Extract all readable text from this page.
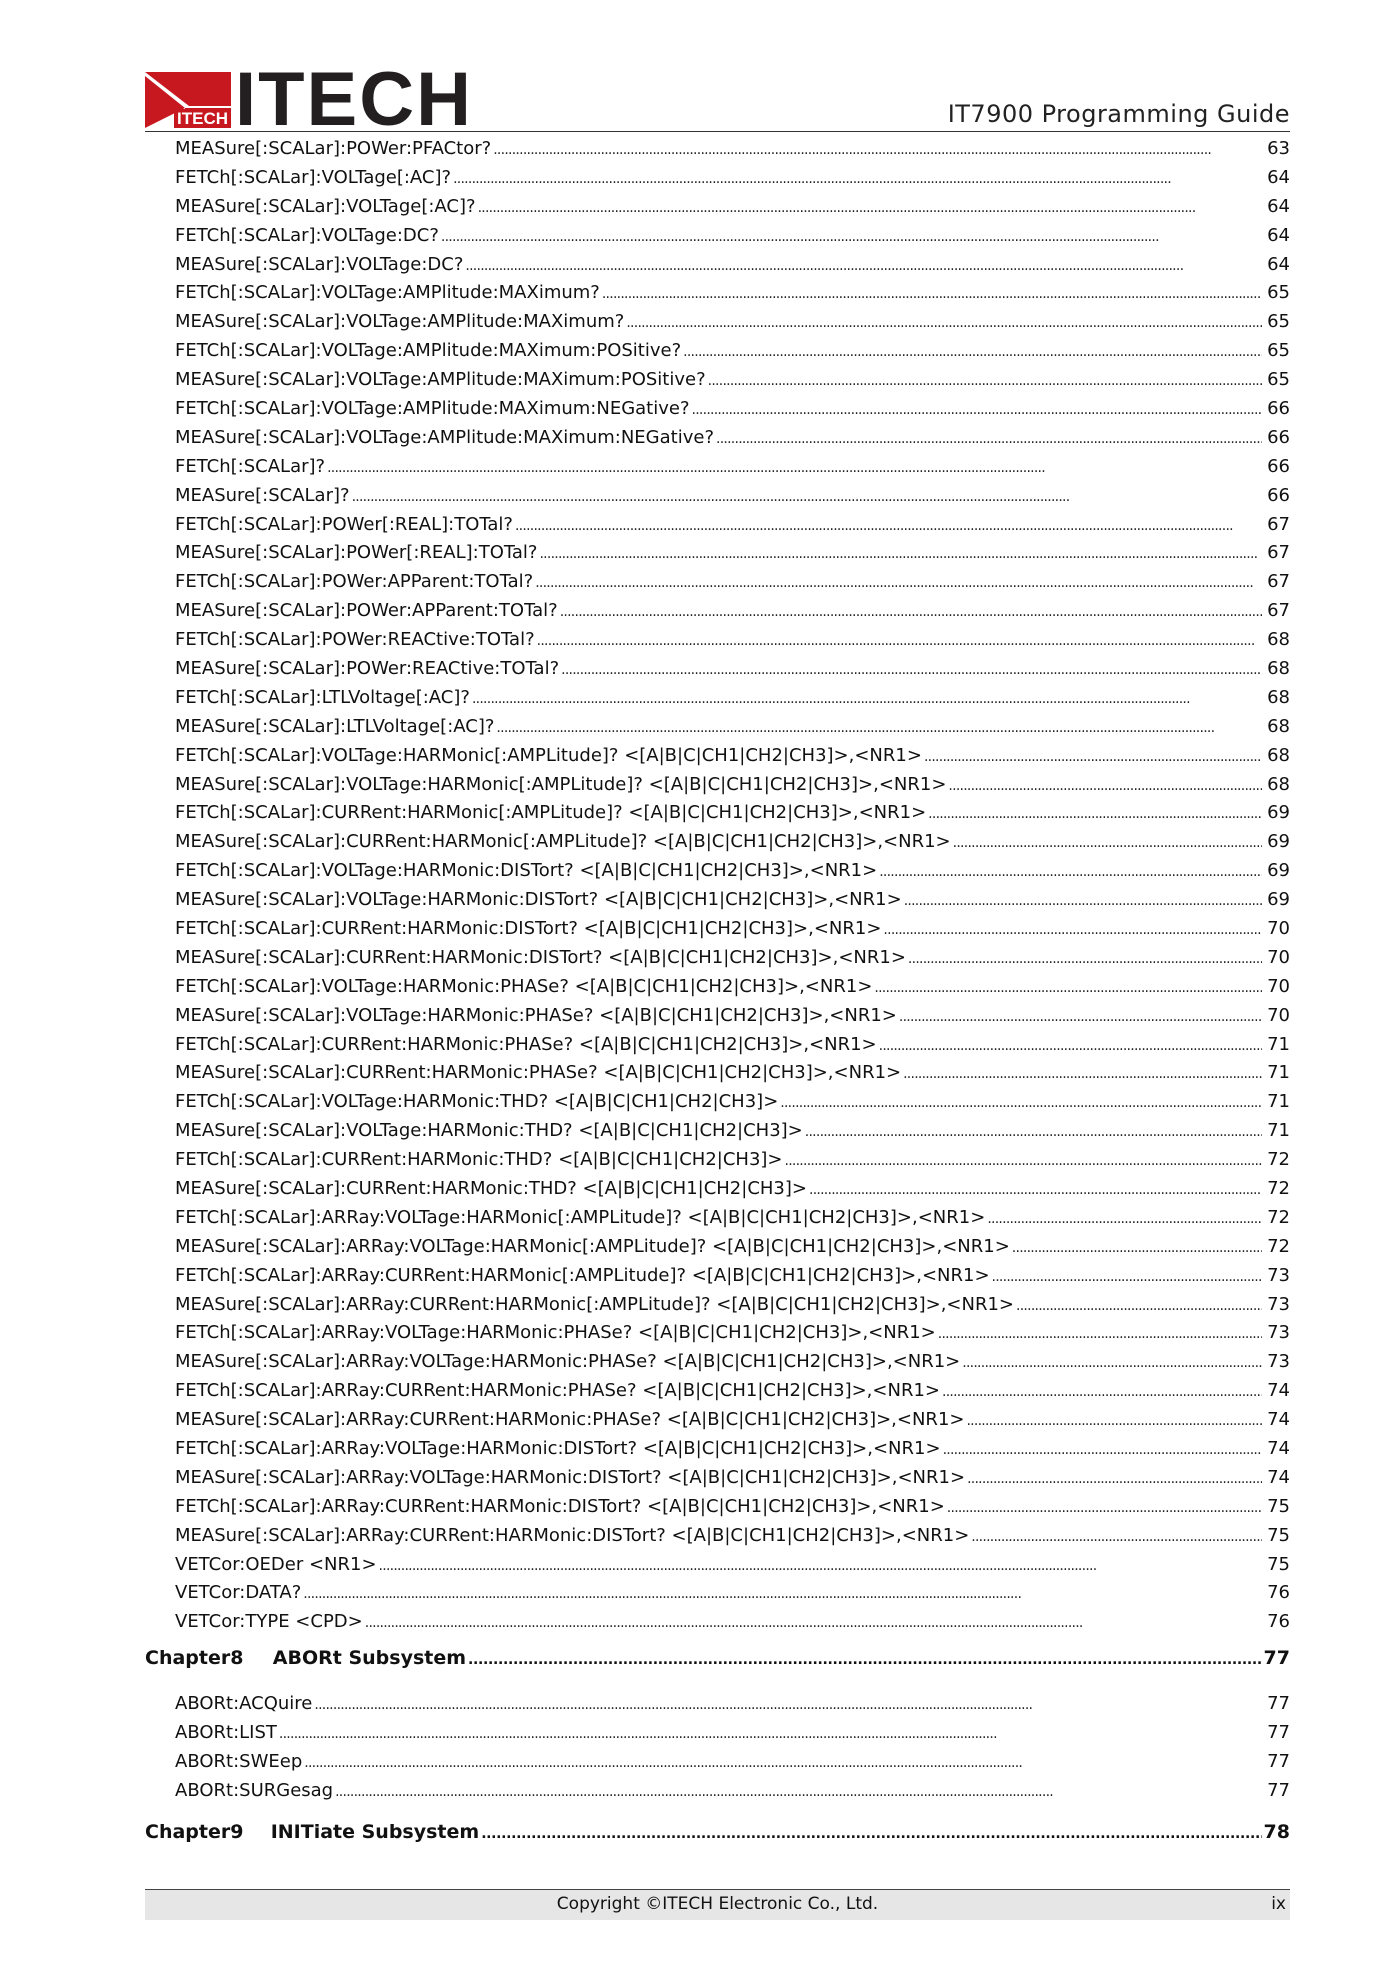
ITECH ITECH	IT7900 Programming Guide
MEASure[:SCALar]:POWer:PFACtor? . . .	63
FETCh[:SCALar]:VOLTage[:AC]? . . .	64
MEASure[:SCALar]:VOLTage[:AC]? . . .	64
FETCh[:SCALar]:VOLTage:DC? . . .	64
MEASure[:SCALar]:VOLTage:DC? . . .	64
FETCh[:SCALar]:VOLTage:AMPlitude:MAXimum? . . .	65
MEASure[:SCALar]:VOLTage:AMPlitude:MAXimum? . . .	65
FETCh[:SCALar]:VOLTage:AMPlitude:MAXimum:POSitive? . . .	65
MEASure[:SCALar]:VOLTage:AMPlitude:MAXimum:POSitive? . . .	65
FETCh[:SCALar]:VOLTage:AMPlitude:MAXimum:NEGative? . . .	66
MEASure[:SCALar]:VOLTage:AMPlitude:MAXimum:NEGative? . . .	66
FETCh[:SCALar]? . . .	66
MEASure[:SCALar]? . . .	66
FETCh[:SCALar]:POWer[:REAL]:TOTal? . . .	67
MEASure[:SCALar]:POWer[:REAL]:TOTal? . . .	67
FETCh[:SCALar]:POWer:APParent:TOTal? . . .	67
MEASure[:SCALar]:POWer:APParent:TOTal? . . .	67
FETCh[:SCALar]:POWer:REACtive:TOTal? . . .	68
MEASure[:SCALar]:POWer:REACtive:TOTal? . . .	68
FETCh[:SCALar]:LTLVoltage[:AC]? . . .	68
MEASure[:SCALar]:LTLVoltage[:AC]? . . .	68
FETCh[:SCALar]:VOLTage:HARMonic[:AMPLitude]? <[A|B|C|CH1|CH2|CH3]>,<NR1> . . .	68
MEASure[:SCALar]:VOLTage:HARMonic[:AMPLitude]? <[A|B|C|CH1|CH2|CH3]>,<NR1> . . .	68
FETCh[:SCALar]:CURRent:HARMonic[:AMPLitude]? <[A|B|C|CH1|CH2|CH3]>,<NR1> . . .	69
MEASure[:SCALar]:CURRent:HARMonic[:AMPLitude]? <[A|B|C|CH1|CH2|CH3]>,<NR1> . . .	69
FETCh[:SCALar]:VOLTage:HARMonic:DISTort? <[A|B|C|CH1|CH2|CH3]>,<NR1> . . .	69
MEASure[:SCALar]:VOLTage:HARMonic:DISTort? <[A|B|C|CH1|CH2|CH3]>,<NR1> . . .	69
FETCh[:SCALar]:CURRent:HARMonic:DISTort? <[A|B|C|CH1|CH2|CH3]>,<NR1> . . .	70
MEASure[:SCALar]:CURRent:HARMonic:DISTort? <[A|B|C|CH1|CH2|CH3]>,<NR1> . . .	70
FETCh[:SCALar]:VOLTage:HARMonic:PHASe? <[A|B|C|CH1|CH2|CH3]>,<NR1> . . .	70
MEASure[:SCALar]:VOLTage:HARMonic:PHASe? <[A|B|C|CH1|CH2|CH3]>,<NR1> . . .	70
FETCh[:SCALar]:CURRent:HARMonic:PHASe? <[A|B|C|CH1|CH2|CH3]>,<NR1> . . .	71
MEASure[:SCALar]:CURRent:HARMonic:PHASe? <[A|B|C|CH1|CH2|CH3]>,<NR1> . . .	71
FETCh[:SCALar]:VOLTage:HARMonic:THD? <[A|B|C|CH1|CH2|CH3]> . . .	71
MEASure[:SCALar]:VOLTage:HARMonic:THD? <[A|B|C|CH1|CH2|CH3]> . . .	71
FETCh[:SCALar]:CURRent:HARMonic:THD? <[A|B|C|CH1|CH2|CH3]> . . .	72
MEASure[:SCALar]:CURRent:HARMonic:THD? <[A|B|C|CH1|CH2|CH3]> . . .	72
FETCh[:SCALar]:ARRay:VOLTage:HARMonic[:AMPLitude]? <[A|B|C|CH1|CH2|CH3]>,<NR1> . . .	72
MEASure[:SCALar]:ARRay:VOLTage:HARMonic[:AMPLitude]? <[A|B|C|CH1|CH2|CH3]>,<NR1> . . .	72
FETCh[:SCALar]:ARRay:CURRent:HARMonic[:AMPLitude]? <[A|B|C|CH1|CH2|CH3]>,<NR1> . . .	73
MEASure[:SCALar]:ARRay:CURRent:HARMonic[:AMPLitude]? <[A|B|C|CH1|CH2|CH3]>,<NR1> . . .	73
FETCh[:SCALar]:ARRay:VOLTage:HARMonic:PHASe? <[A|B|C|CH1|CH2|CH3]>,<NR1> . . .	73
MEASure[:SCALar]:ARRay:VOLTage:HARMonic:PHASe? <[A|B|C|CH1|CH2|CH3]>,<NR1> . . .	73
FETCh[:SCALar]:ARRay:CURRent:HARMonic:PHASe? <[A|B|C|CH1|CH2|CH3]>,<NR1> . . .	74
MEASure[:SCALar]:ARRay:CURRent:HARMonic:PHASe? <[A|B|C|CH1|CH2|CH3]>,<NR1> . . .	74
FETCh[:SCALar]:ARRay:VOLTage:HARMonic:DISTort? <[A|B|C|CH1|CH2|CH3]>,<NR1> . . .	74
MEASure[:SCALar]:ARRay:VOLTage:HARMonic:DISTort? <[A|B|C|CH1|CH2|CH3]>,<NR1> . . .	74
FETCh[:SCALar]:ARRay:CURRent:HARMonic:DISTort? <[A|B|C|CH1|CH2|CH3]>,<NR1> . . .	75
MEASure[:SCALar]:ARRay:CURRent:HARMonic:DISTort? <[A|B|C|CH1|CH2|CH3]>,<NR1> . . .	75
VETCor:OEDer <NR1> . . .	75
VETCor:DATA? . . .	76
VETCor:TYPE <CPD> . . .	76
Chapter8	ABORt Subsystem . . .	77
ABORt:ACQuire . . .	77
ABORt:LIST . . .	77
ABORt:SWEep . . .	77
ABORt:SURGesag . . .	77
Chapter9	INITiate Subsystem . . .	78
Copyright ©ITECH Electronic Co., Ltd.	ix
